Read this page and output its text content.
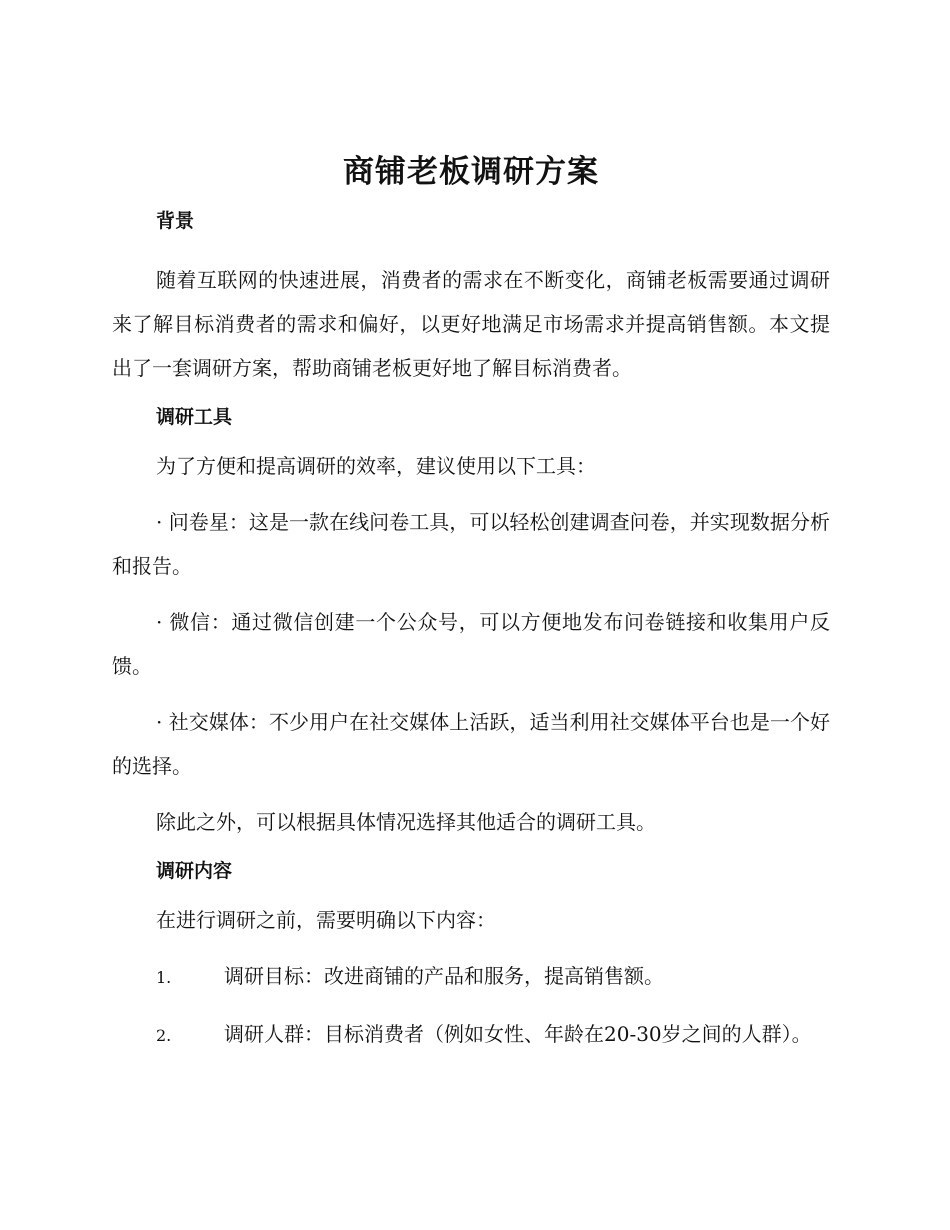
商铺老板调研方案
背景

随着互联网的快速进展，消费者的需求在不断变化，商铺老板需要通过调研来了解目标消费者的需求和偏好，以更好地满足市场需求并提高销售额。本文提出了一套调研方案，帮助商铺老板更好地了解目标消费者。

调研工具

为了方便和提高调研的效率，建议使用以下工具：

· 问卷星：这是一款在线问卷工具，可以轻松创建调查问卷，并实现数据分析和报告。

· 微信：通过微信创建一个公众号，可以方便地发布问卷链接和收集用户反馈。

· 社交媒体：不少用户在社交媒体上活跃，适当利用社交媒体平台也是一个好的选择。

除此之外，可以根据具体情况选择其他适合的调研工具。

调研内容

在进行调研之前，需要明确以下内容：

1.	调研目标：改进商铺的产品和服务，提高销售额。

2.	调研人群：目标消费者（例如女性、年龄在20-30岁之间的人群）。
